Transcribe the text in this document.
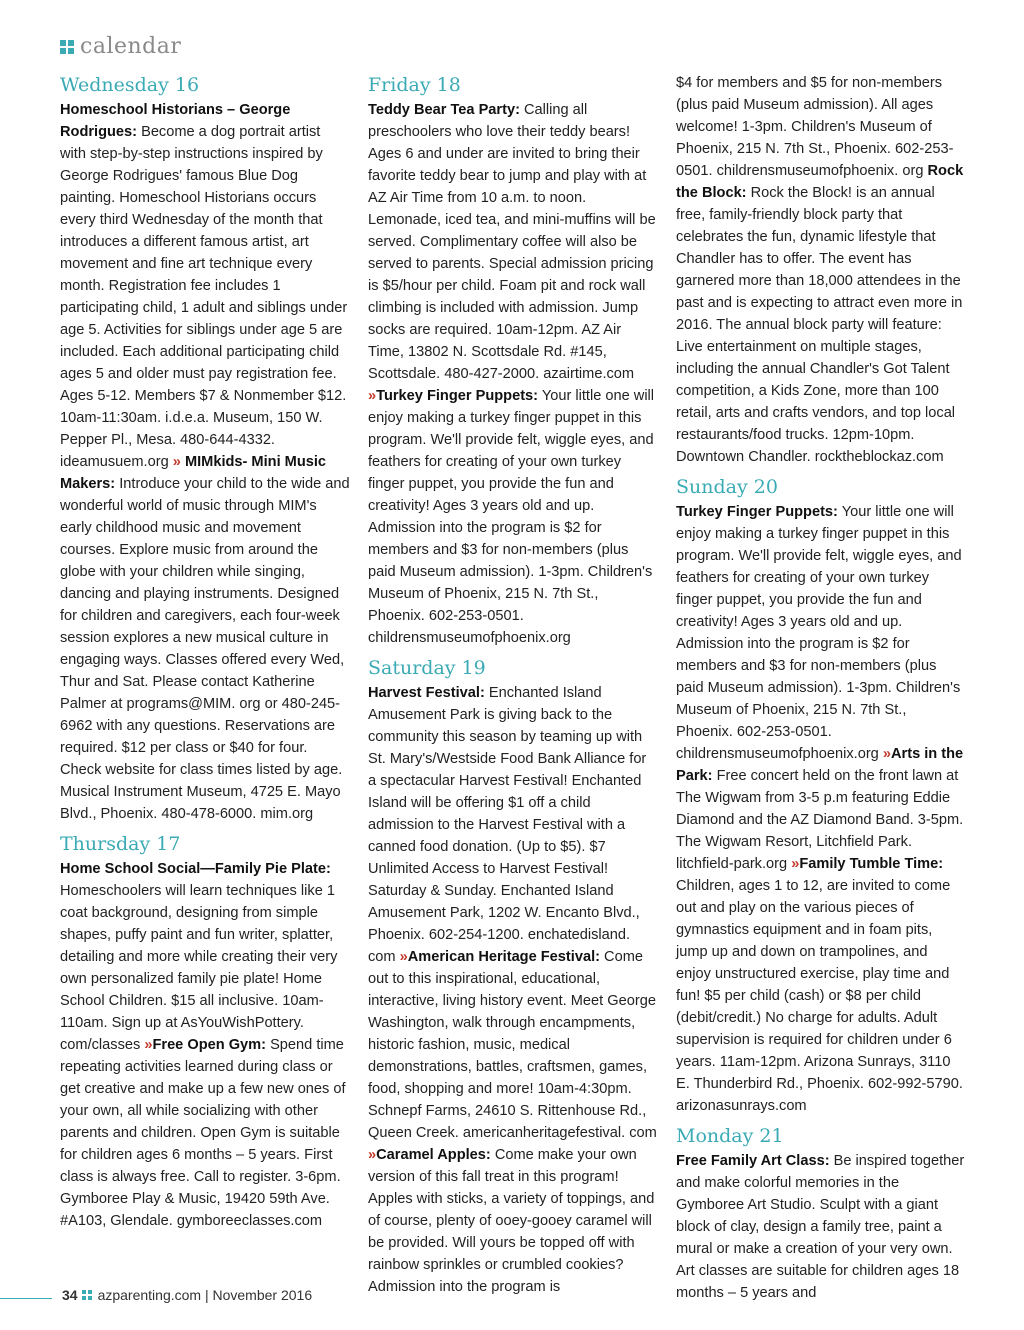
calendar
Wednesday 16

Homeschool Historians – George Rodrigues: Become a dog portrait artist with step-by-step instructions inspired by George Rodrigues' famous Blue Dog painting. Homeschool Historians occurs every third Wednesday of the month that introduces a different famous artist, art movement and fine art technique every month. Registration fee includes 1 participating child, 1 adult and siblings under age 5. Activities for siblings under age 5 are included. Each additional participating child ages 5 and older must pay registration fee. Ages 5-12. Members $7 & Nonmember $12. 10am-11:30am. i.d.e.a. Museum, 150 W. Pepper Pl., Mesa. 480-644-4332. ideamusuem.org » MIMkids- Mini Music Makers: Introduce your child to the wide and wonderful world of music through MIM's early childhood music and movement courses. Explore music from around the globe with your children while singing, dancing and playing instruments. Designed for children and caregivers, each four-week session explores a new musical culture in engaging ways. Classes offered every Wed, Thur and Sat. Please contact Katherine Palmer at programs@MIM. org or 480-245-6962 with any questions. Reservations are required. $12 per class or $40 for four. Check website for class times listed by age. Musical Instrument Museum, 4725 E. Mayo Blvd., Phoenix. 480-478-6000. mim.org

Thursday 17

Home School Social—Family Pie Plate: Homeschoolers will learn techniques like 1 coat background, designing from simple shapes, puffy paint and fun writer, splatter, detailing and more while creating their very own personalized family pie plate! Home School Children. $15 all inclusive. 10am-110am. Sign up at AsYouWishPottery. com/classes »Free Open Gym: Spend time repeating activities learned during class or get creative and make up a few new ones of your own, all while socializing with other parents and children. Open Gym is suitable for children ages 6 months – 5 years. First class is always free. Call to register. 3-6pm. Gymboree Play & Music, 19420 59th Ave. #A103, Glendale. gymboreeclasses.com

Friday 18

Teddy Bear Tea Party: Calling all preschoolers who love their teddy bears! Ages 6 and under are invited to bring their favorite teddy bear to jump and play with at AZ Air Time from 10 a.m. to noon. Lemonade, iced tea, and mini-muffins will be served. Complimentary coffee will also be served to parents. Special admission pricing is $5/hour per child. Foam pit and rock wall climbing is included with admission. Jump socks are required. 10am-12pm. AZ Air Time, 13802 N. Scottsdale Rd. #145, Scottsdale. 480-427-2000. azairtime.com »Turkey Finger Puppets: Your little one will enjoy making a turkey finger puppet in this program. We'll provide felt, wiggle eyes, and feathers for creating of your own turkey finger puppet, you provide the fun and creativity! Ages 3 years old and up. Admission into the program is $2 for members and $3 for non-members (plus paid Museum admission). 1-3pm. Children's Museum of Phoenix, 215 N. 7th St., Phoenix. 602-253-0501. childrensmuseumofphoenix.org

Saturday 19

Harvest Festival: Enchanted Island Amusement Park is giving back to the community this season by teaming up with St. Mary's/Westside Food Bank Alliance for a spectacular Harvest Festival! Enchanted Island will be offering $1 off a child admission to the Harvest Festival with a canned food donation. (Up to $5). $7 Unlimited Access to Harvest Festival! Saturday & Sunday. Enchanted Island Amusement Park, 1202 W. Encanto Blvd., Phoenix. 602-254-1200. enchatedisland. com »American Heritage Festival: Come out to this inspirational, educational, interactive, living history event. Meet George Washington, walk through encampments, historic fashion, music, medical demonstrations, battles, craftsmen, games, food, shopping and more! 10am-4:30pm. Schnepf Farms, 24610 S. Rittenhouse Rd., Queen Creek. americanheritagefestival. com »Caramel Apples: Come make your own version of this fall treat in this program! Apples with sticks, a variety of toppings, and of course, plenty of ooey-gooey caramel will be provided. Will yours be topped off with rainbow sprinkles or crumbled cookies? Admission into the program is

$4 for members and $5 for non-members (plus paid Museum admission). All ages welcome! 1-3pm. Children's Museum of Phoenix, 215 N. 7th St., Phoenix. 602-253-0501. childrensmuseumofphoenix. org Rock the Block: Rock the Block! is an annual free, family-friendly block party that celebrates the fun, dynamic lifestyle that Chandler has to offer. The event has garnered more than 18,000 attendees in the past and is expecting to attract even more in 2016. The annual block party will feature: Live entertainment on multiple stages, including the annual Chandler's Got Talent competition, a Kids Zone, more than 100 retail, arts and crafts vendors, and top local restaurants/food trucks. 12pm-10pm. Downtown Chandler. rocktheblockaz.com

Sunday 20

Turkey Finger Puppets: Your little one will enjoy making a turkey finger puppet in this program. We'll provide felt, wiggle eyes, and feathers for creating of your own turkey finger puppet, you provide the fun and creativity! Ages 3 years old and up. Admission into the program is $2 for members and $3 for non-members (plus paid Museum admission). 1-3pm. Children's Museum of Phoenix, 215 N. 7th St., Phoenix. 602-253-0501. childrensmuseumofphoenix.org »Arts in the Park: Free concert held on the front lawn at The Wigwam from 3-5 p.m featuring Eddie Diamond and the AZ Diamond Band. 3-5pm. The Wigwam Resort, Litchfield Park. litchfield-park.org »Family Tumble Time: Children, ages 1 to 12, are invited to come out and play on the various pieces of gymnastics equipment and in foam pits, jump up and down on trampolines, and enjoy unstructured exercise, play time and fun! $5 per child (cash) or $8 per child (debit/credit.) No charge for adults. Adult supervision is required for children under 6 years. 11am-12pm. Arizona Sunrays, 3110 E. Thunderbird Rd., Phoenix. 602-992-5790. arizonasunrays.com

Monday 21

Free Family Art Class: Be inspired together and make colorful memories in the Gymboree Art Studio. Sculpt with a giant block of clay, design a family tree, paint a mural or make a creation of your very own. Art classes are suitable for children ages 18 months – 5 years and

34 azparenting.com | November 2016
